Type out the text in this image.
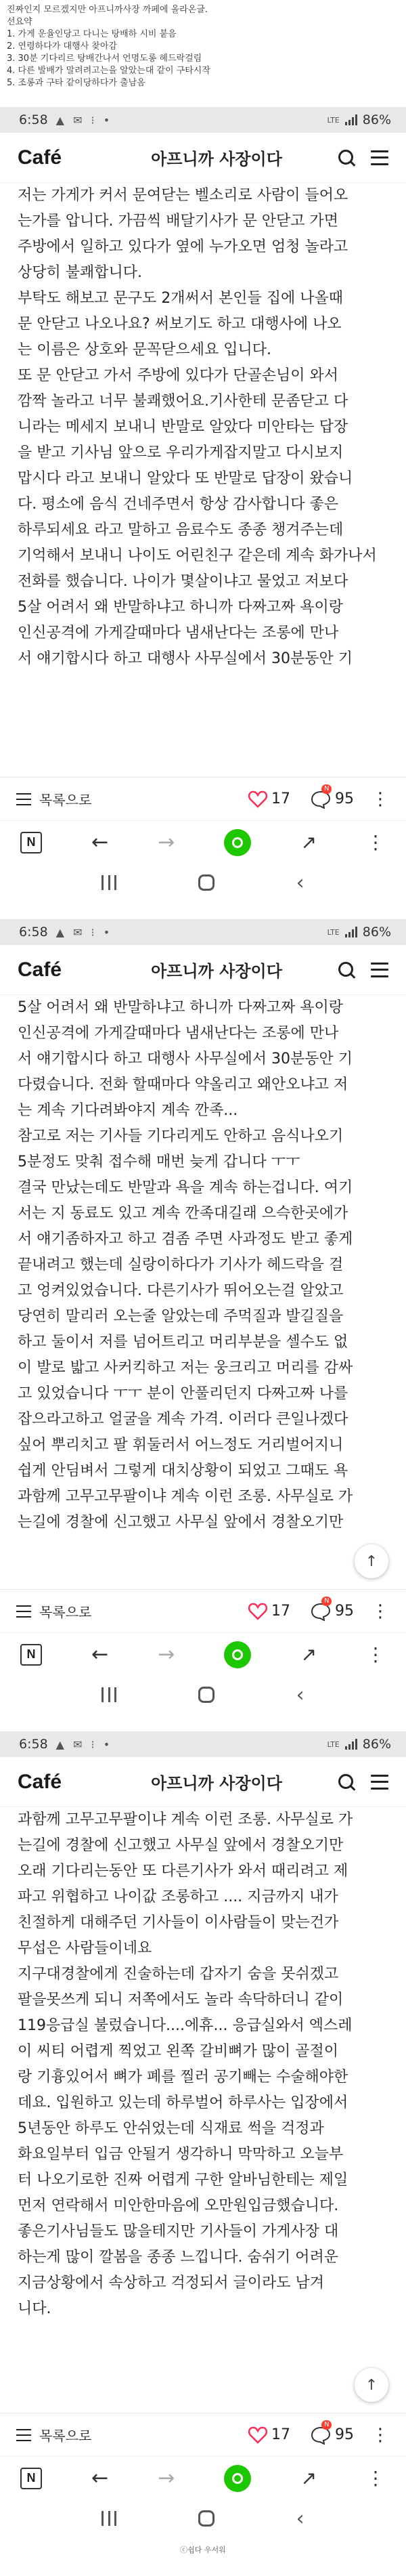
진짜인지 모르겠지만 아프니까사장 까페에 올라온글.

선요약

1. 가게 운율인당고 다니는 탕배하 시비 붙음

2. 연령하다가 대행사 찾아감

3. 30분 기다리르 탕배간나서 언명도롱 헤드락걸림

4. 다른 발배가 말려려고는을 알았는대 같이 구타시작

5. 조롱과 구타 같이당하다가 출남옴

6:58 ▲ ✉ ⁝ •	LTE 86%
Café	아프니까 사장이다
저는 가게가 커서 문여닫는 벨소리로 사람이 들어오
는가를 압니다. 가끔씩 배달기사가 문 안닫고 가면
주방에서 일하고 있다가 옆에 누가오면 엄청 놀라고
상당히 불쾌합니다.
부탁도 해보고 문구도 2개써서 본인들 집에 나올때
문 안닫고 나오나요? 써보기도 하고 대행사에 나오
는 이름은 상호와 문꼭닫으세요 입니다.
또 문 안닫고 가서 주방에 있다가 단골손님이 와서
깜짝 놀라고 너무 불쾌했어요.기사한테 문좀닫고 다
니라는 메세지 보내니 반말로 알았다 미안타는 답장
을 받고 기사님 앞으로 우리가게잡지말고 다시보지
맙시다 라고 보내니 알았다 또 반말로 답장이 왔습니
다. 평소에 음식 건네주면서 항상 감사합니다 좋은
하루되세요 라고 말하고 음료수도 종종 챙겨주는데
기억해서 보내니 나이도 어린친구 같은데 계속 화가나서
전화를 했습니다. 나이가 몇살이냐고 물었고 저보다
5살 어려서 왜 반말하냐고 하니까 다짜고짜 욕이랑
인신공격에 가게갈때마다 냄새난다는 조롱에 만나
서 얘기합시다 하고 대행사 사무실에서 30분동안 기
목록으로	17
N
95 ⋮
N	← →	↗	⋮
‹
6:58 ▲ ✉ ⁝ •	LTE 86%
Café	아프니까 사장이다
5살 어려서 왜 반말하냐고 하니까 다짜고짜 욕이랑
인신공격에 가게갈때마다 냄새난다는 조롱에 만나
서 얘기합시다 하고 대행사 사무실에서 30분동안 기
다렸습니다. 전화 할때마다 약올리고 왜안오냐고 저
는 계속 기다려봐야지 계속 깐족...
참고로 저는 기사들 기다리게도 안하고 음식나오기
5분정도 맞춰 접수해 매번 늦게 갑니다 ㅜㅜ
결국 만났는데도 반말과 욕을 계속 하는겁니다. 여기
서는 지 동료도 있고 계속 깐족대길래 으슥한곳에가
서 얘기좀하자고 하고 겸좀 주면 사과정도 받고 좋게
끝내려고 했는데 실랑이하다가 기사가 헤드락을 걸
고 엉켜있었습니다. 다른기사가 뛰어오는걸 알았고
당연히 말리러 오는줄 알았는데 주먹질과 발길질을
하고 둘이서 저를 넘어트리고 머리부분을 셀수도 없
이 발로 밟고 사커킥하고 저는 웅크리고 머리를 감싸
고 있었습니다 ㅜㅜ 분이 안풀리던지 다짜고짜 나를
잡으라고하고 얼굴을 계속 가격. 이러다 큰일나겠다
싶어 뿌리치고 팔 휘둘러서 어느정도 거리벌어지니
쉽게 안딤벼서 그렇게 대치상황이 되었고 그때도 욕
과함께 고무고무팔이냐 계속 이런 조롱. 사무실로 가
는길에 경찰에 신고했고 사무실 앞에서 경찰오기만
목록으로	17
N
95 ⋮
N	← →	↗	⋮
‹
↑
6:58 ▲ ✉ ⁝ •	LTE 86%
Café	아프니까 사장이다
과함께 고무고무팔이냐 계속 이런 조롱. 사무실로 가
는길에 경찰에 신고했고 사무실 앞에서 경찰오기만
오래 기다리는동안 또 다른기사가 와서 때리려고 제
파고 위협하고 나이값 조롱하고 .... 지금까지 내가
친절하게 대해주던 기사들이 이사람들이 맞는건가
무섭은 사람들이네요
지구대경찰에게 진술하는데 갑자기 숨을 못쉬겠고
팔을못쓰게 되니 저쪽에서도 놀라 속닥하더니 같이
119응급실 불렀습니다....에휴... 응급실와서 엑스레
이 씨티 어렵게 찍었고 왼쪽 갈비뼈가 많이 골절이
랑 기흉있어서 뼈가 폐를 찔러 공기빼는 수술해야한
데요. 입원하고 있는데 하루벌어 하루사는 입장에서
5년동안 하루도 안쉬었는데 식재료 썩을 걱정과
화요일부터 입금 안될거 생각하니 막막하고 오늘부
터 나오기로한 진짜 어렵게 구한 알바님한테는 제일
먼저 연락해서 미안한마음에 오만원입금했습니다.
좋은기사님들도 많을테지만 기사들이 가게사장 대
하는게 많이 깔봄을 종종 느낍니다. 숨쉬기 어려운
지금상황에서 속상하고 걱정되서 글이라도 남겨
니다.
목록으로	17
N
95 ⋮
N	← →	↗	⋮
‹
↑
ⓒ쉽다 우서워
